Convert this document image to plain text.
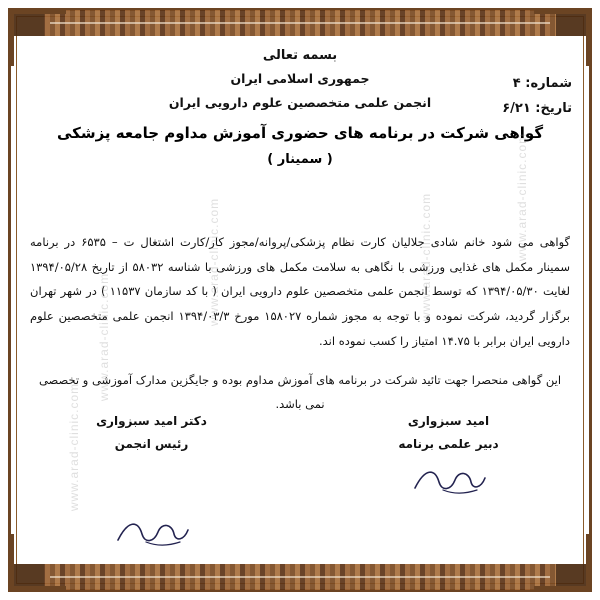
شماره: ۴
تاریخ: ۶/۲۱
بسمه تعالی
جمهوری اسلامی ایران
انجمن علمی متخصصین علوم دارویی ایران
گواهی شرکت در برنامه های حضوری آموزش مداوم جامعه پزشکی
( سمینار )

گواهی می شود خانم شادی جلالیان کارت نظام پزشکی/پروانه/مجوز کار/کارت اشتغال ت – ۶۵۳۵ در برنامه سمینار مکمل های غذایی ورزشی با نگاهی به سلامت مکمل های ورزشی با شناسه ۵۸۰۳۲ از تاریخ ۱۳۹۴/۰۵/۲۸ لغایت ۱۳۹۴/۰۵/۳۰ که توسط انجمن علمی متخصصین علوم دارویی ایران ( با کد سازمان ۱۱۵۳۷ ) در شهر تهران برگزار گردید، شرکت نموده و با توجه به مجوز شماره ۱۵۸۰۲۷ مورخ ۱۳۹۴/۰۳/۳ انجمن علمی متخصصین علوم دارویی ایران برابر با ۱۴.۷۵ امتیاز را کسب نموده اند.

این گواهی منحصرا جهت تائید شرکت در برنامه های آموزش مداوم بوده و جایگزین مدارک آموزشی و تخصصی نمی باشد.
امید سبزواری
دبیر علمی برنامه
دکتر امید سبزواری
رئیس انجمن
www.arad-clinic.com
www.arad-clinic.com
www.arad-clinic.com
www.arad-clinic.com
www.arad-clinic.com
